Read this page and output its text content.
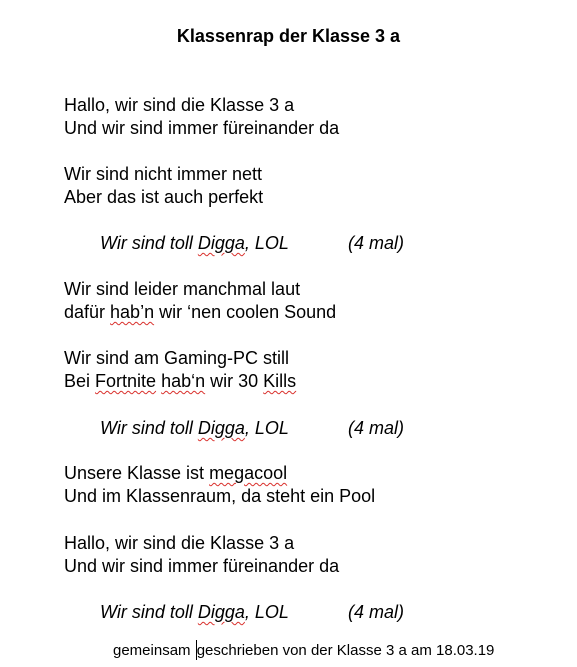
Klassenrap der Klasse 3 a
Hallo, wir sind die Klasse 3 a
Und wir sind immer füreinander da
Wir sind nicht immer nett
Aber das ist auch perfekt
Wir sind toll Digga, LOL	(4 mal)
Wir sind leider manchmal laut
dafür hab’n wir ‘nen coolen Sound
Wir sind am Gaming-PC still
Bei Fortnite hab‘n wir 30 Kills
Wir sind toll Digga, LOL	(4 mal)
Unsere Klasse ist megacool
Und im Klassenraum, da steht ein Pool
Hallo, wir sind die Klasse 3 a
Und wir sind immer füreinander da
Wir sind toll Digga, LOL	(4 mal)
gemeinsam geschrieben von der Klasse 3 a am 18.03.19
